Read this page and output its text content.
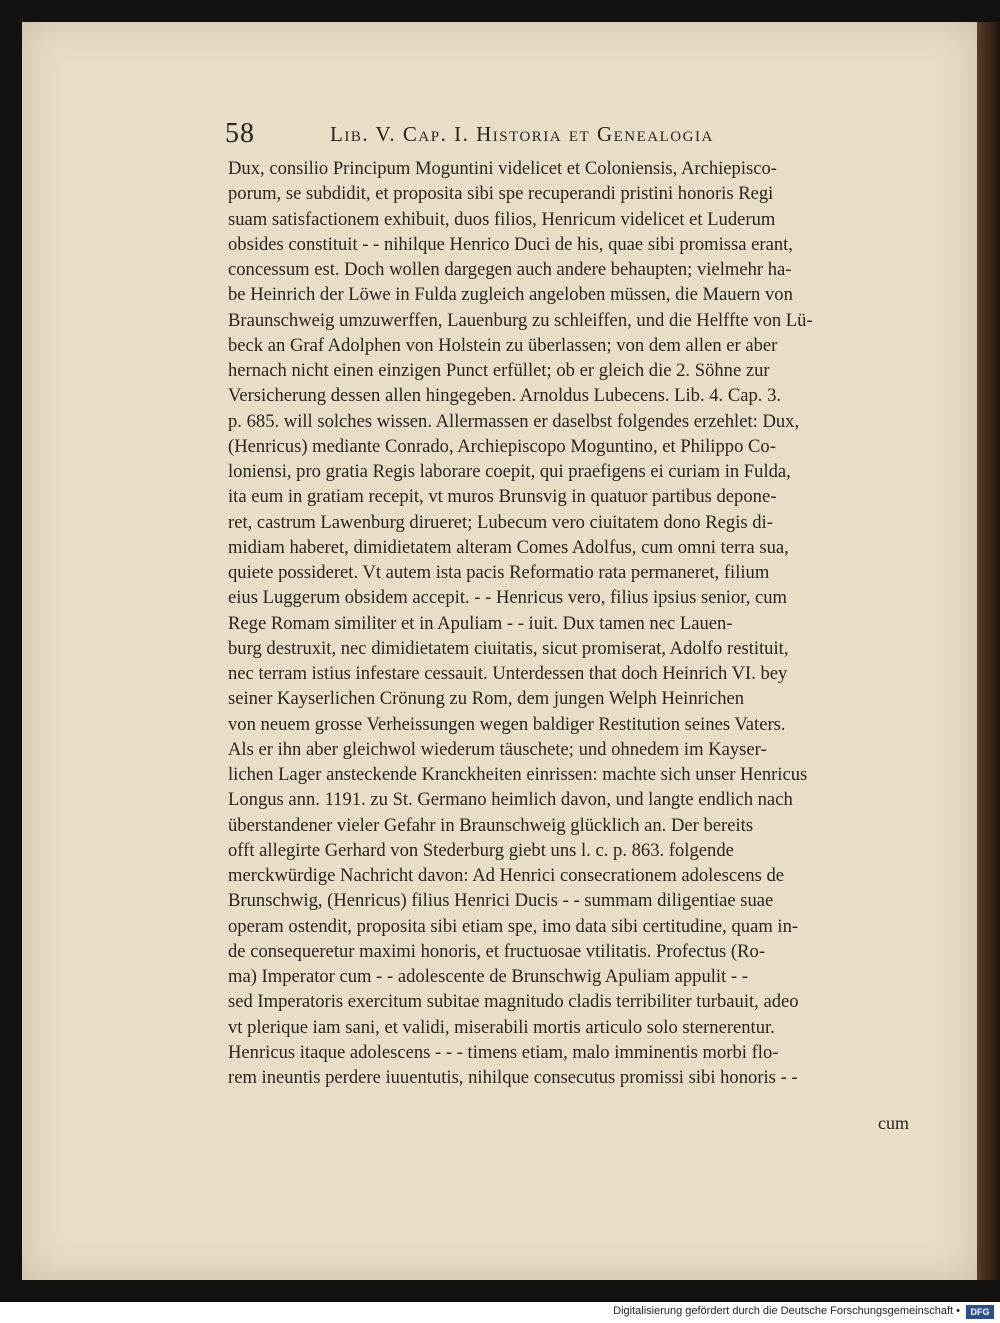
58	Lib. V. Cap. I. Historia et Genealogia
Dux, consilio Principum Moguntini videlicet et Coloniensis, Archiepisco-
porum, se subdidit, et proposita sibi spe recuperandi pristini honoris Regi
suam satisfactionem exhibuit, duos filios, Henricum videlicet et Luderum
obsides constituit - - nihilque Henrico Duci de his, quae sibi promissa erant,
concessum est. Doch wollen dargegen auch andere behaupten; vielmehr ha-
be Heinrich der Löwe in Fulda zugleich angeloben müssen, die Mauern von
Braunschweig umzuwerffen, Lauenburg zu schleiffen, und die Helffte von Lü-
beck an Graf Adolphen von Holstein zu überlassen; von dem allen er aber
hernach nicht einen einzigen Punct erfüllet; ob er gleich die 2. Söhne zur
Versicherung dessen allen hingegeben. Arnoldus Lubecens. Lib. 4. Cap. 3.
p. 685. will solches wissen. Allermassen er daselbst folgendes erzehlet: Dux,
(Henricus) mediante Conrado, Archiepiscopo Moguntino, et Philippo Co-
loniensi, pro gratia Regis laborare coepit, qui praefigens ei curiam in Fulda,
ita eum in gratiam recepit, vt muros Brunsvig in quatuor partibus depone-
ret, castrum Lawenburg dirueret; Lubecum vero ciuitatem dono Regis di-
midiam haberet, dimidietatem alteram Comes Adolfus, cum omni terra sua,
quiete possideret. Vt autem ista pacis Reformatio rata permaneret, filium
eius Luggerum obsidem accepit. - - Henricus vero, filius ipsius senior, cum
Rege Romam similiter et in Apuliam - - iuit. Dux tamen nec Lauen-
burg destruxit, nec dimidietatem ciuitatis, sicut promiserat, Adolfo restituit,
nec terram istius infestare cessauit. Unterdessen that doch Heinrich VI. bey
seiner Kayserlichen Crönung zu Rom, dem jungen Welph Heinrichen
von neuem grosse Verheissungen wegen baldiger Restitution seines Vaters.
Als er ihn aber gleichwol wiederum täuschete; und ohnedem im Kayser-
lichen Lager ansteckende Kranckheiten einrissen: machte sich unser Henricus
Longus ann. 1191. zu St. Germano heimlich davon, und langte endlich nach
überstandener vieler Gefahr in Braunschweig glücklich an. Der bereits
offt allegirte Gerhard von Stederburg giebt uns l. c. p. 863. folgende
merckwürdige Nachricht davon: Ad Henrici consecrationem adolescens de
Brunschwig, (Henricus) filius Henrici Ducis - - summam diligentiae suae
operam ostendit, proposita sibi etiam spe, imo data sibi certitudine, quam in-
de consequeretur maximi honoris, et fructuosae vtilitatis. Profectus (Ro-
ma) Imperator cum - - adolescente de Brunschwig Apuliam appulit - -
sed Imperatoris exercitum subitae magnitudo cladis terribiliter turbauit, adeo
vt plerique iam sani, et validi, miserabili mortis articulo solo sternerentur.
Henricus itaque adolescens - - - timens etiam, malo imminentis morbi flo-
rem ineuntis perdere iuuentutis, nihilque consecutus promissi sibi honoris - -
cum
Digitalisierung gefördert durch die Deutsche Forschungsgemeinschaft •	DFG
